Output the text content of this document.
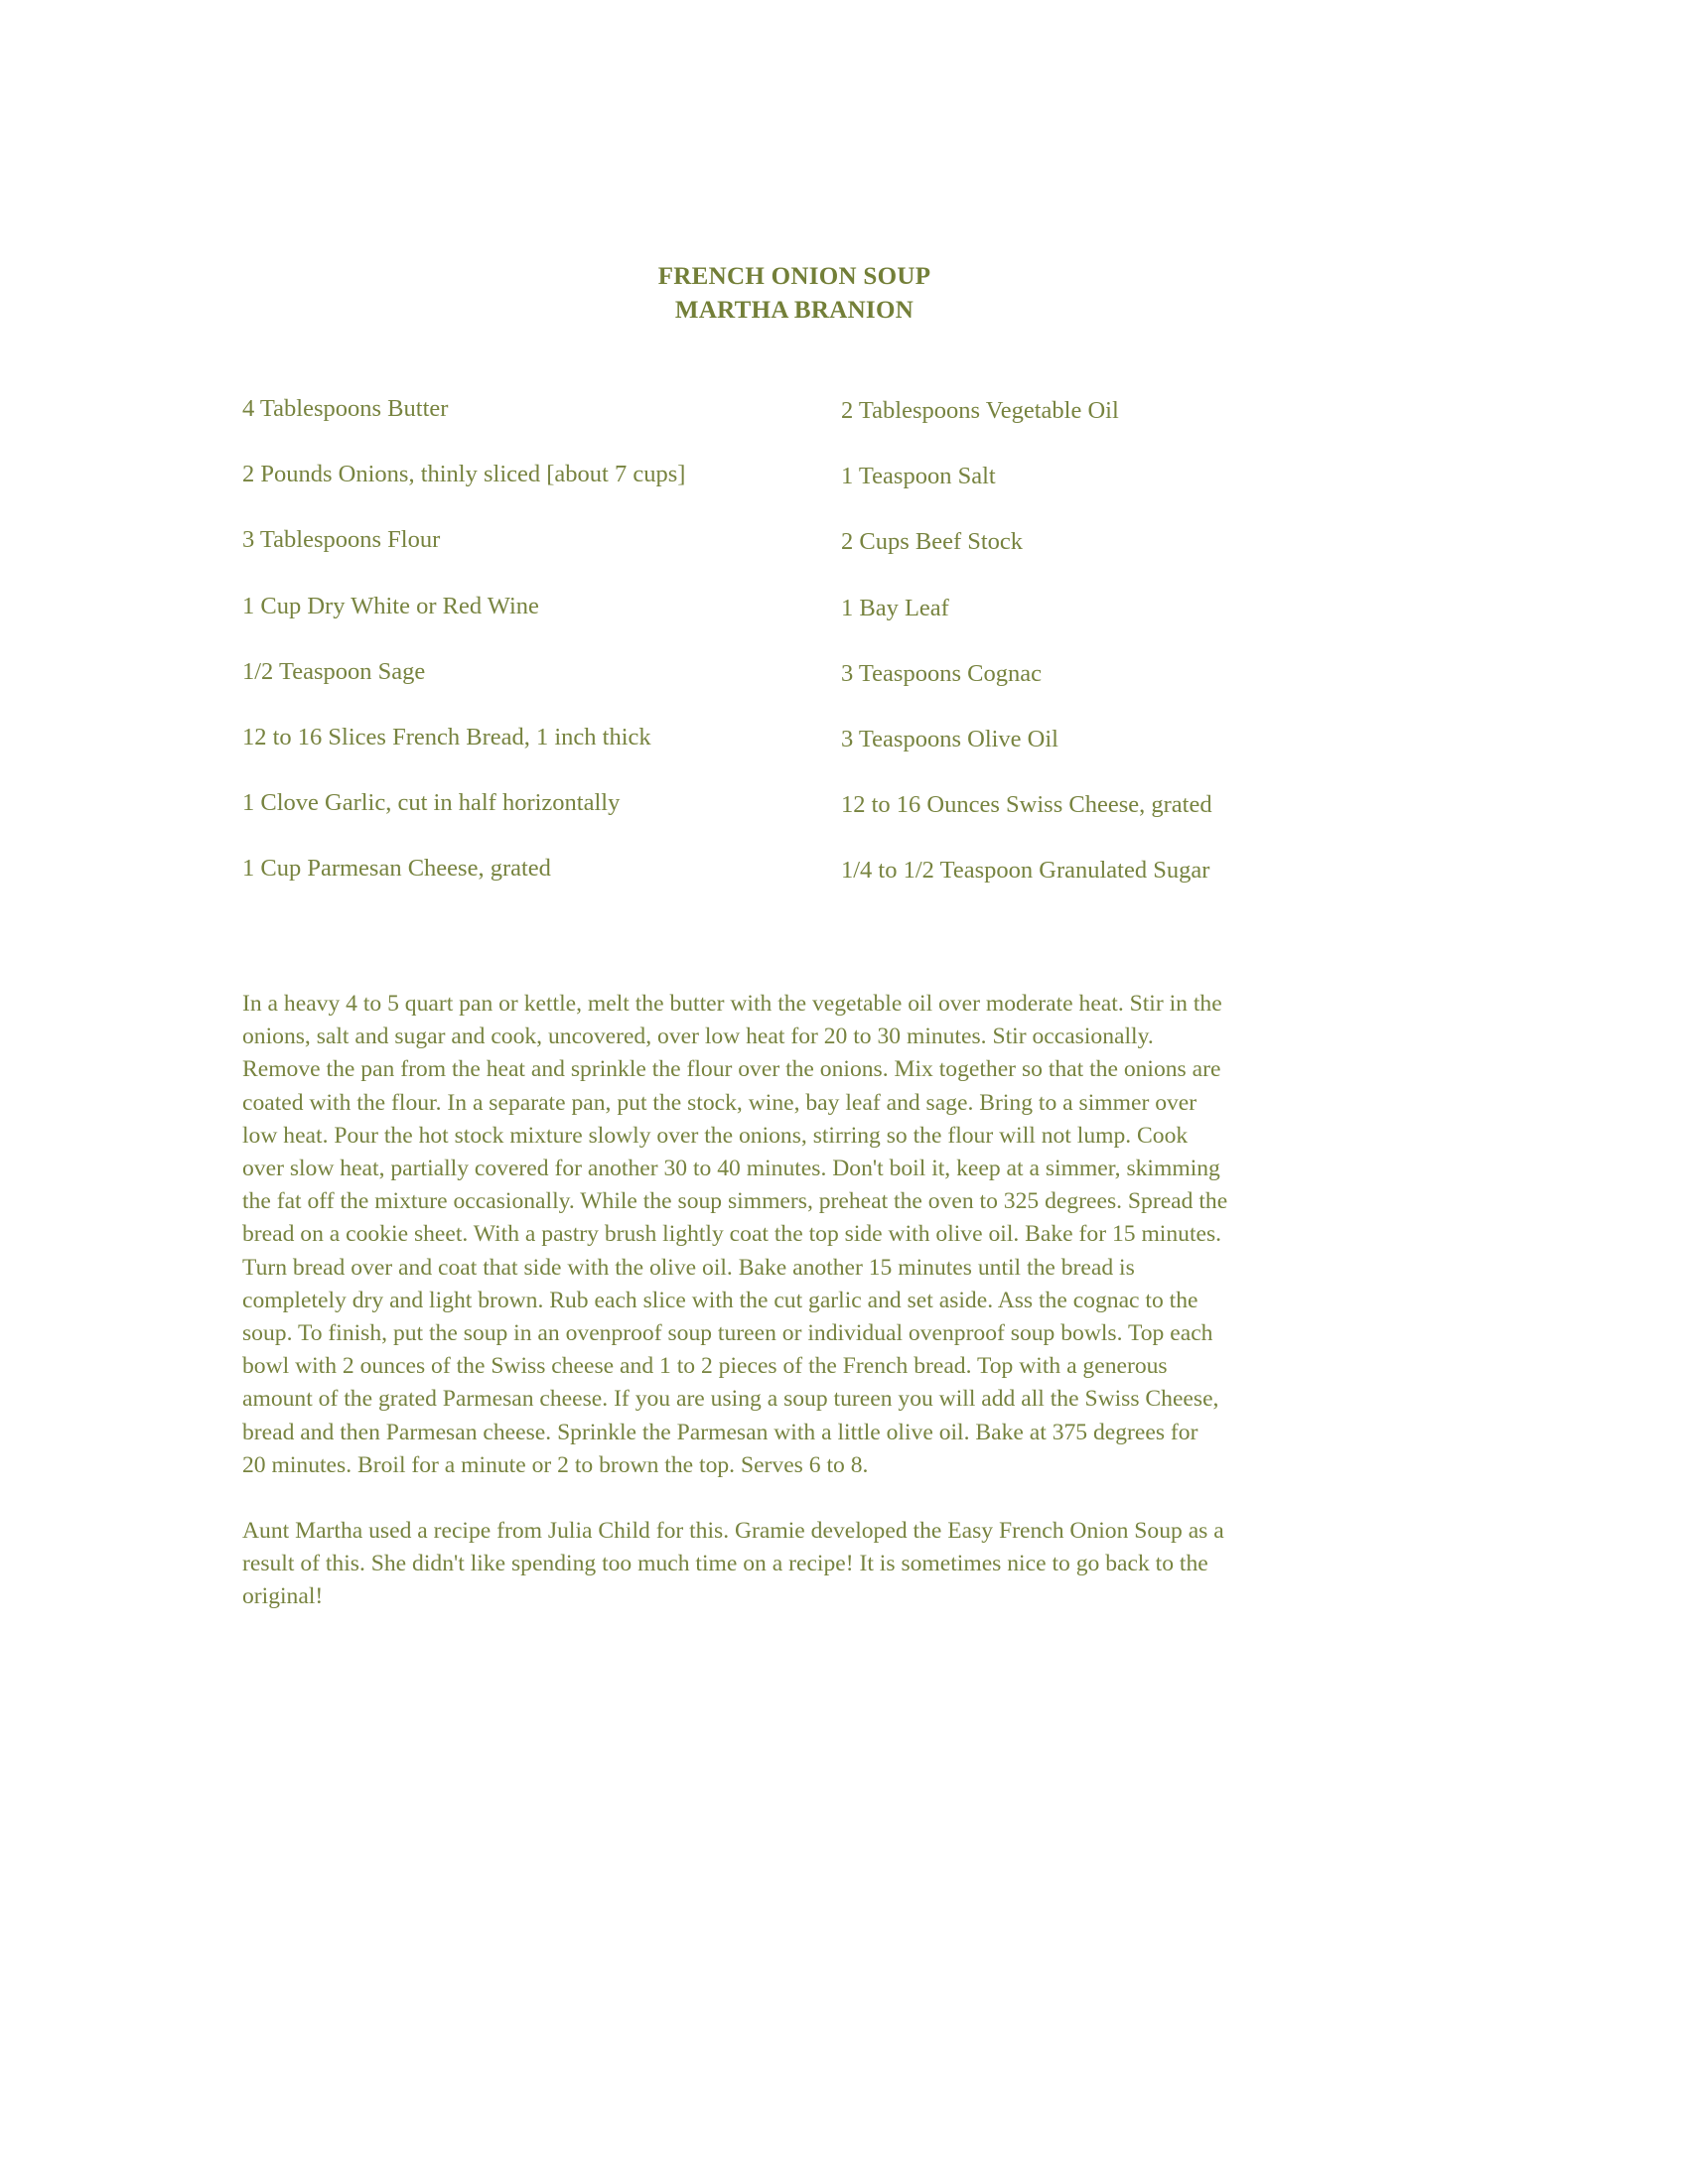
FRENCH ONION SOUP
MARTHA BRANION
4 Tablespoons Butter	2 Tablespoons Vegetable Oil
2 Pounds Onions, thinly sliced [about 7 cups]	1 Teaspoon Salt
3 Tablespoons Flour	2 Cups Beef Stock
1 Cup Dry White or Red Wine	1 Bay Leaf
1/2 Teaspoon Sage	3 Teaspoons Cognac
12 to 16 Slices French Bread, 1 inch thick	3 Teaspoons Olive Oil
1 Clove Garlic, cut in half horizontally	12 to 16 Ounces Swiss Cheese, grated
1 Cup Parmesan Cheese, grated	1/4 to 1/2 Teaspoon Granulated Sugar
In a heavy 4 to 5 quart pan or kettle, melt the butter with the vegetable oil over moderate heat. Stir in the
onions, salt and sugar and cook, uncovered, over low heat for 20 to 30 minutes. Stir occasionally.
Remove the pan from the heat and sprinkle the flour over the onions. Mix together so that the onions are
coated with the flour. In a separate pan, put the stock, wine, bay leaf and sage. Bring to a simmer over
low heat. Pour the hot stock mixture slowly over the onions, stirring so the flour will not lump. Cook
over slow heat, partially covered for another 30 to 40 minutes. Don't boil it, keep at a simmer, skimming
the fat off the mixture occasionally. While the soup simmers, preheat the oven to 325 degrees. Spread the
bread on a cookie sheet. With a pastry brush lightly coat the top side with olive oil. Bake for 15 minutes.
Turn bread over and coat that side with the olive oil. Bake another 15 minutes until the bread is
completely dry and light brown. Rub each slice with the cut garlic and set aside. Ass the cognac to the
soup. To finish, put the soup in an ovenproof soup tureen or individual ovenproof soup bowls. Top each
bowl with 2 ounces of the Swiss cheese and 1 to 2 pieces of the French bread. Top with a generous
amount of the grated Parmesan cheese. If you are using a soup tureen you will add all the Swiss Cheese,
bread and then Parmesan cheese. Sprinkle the Parmesan with a little olive oil. Bake at 375 degrees for
20 minutes. Broil for a minute or 2 to brown the top. Serves 6 to 8.
Aunt Martha used a recipe from Julia Child for this. Gramie developed the Easy French Onion Soup as a
result of this. She didn't like spending too much time on a recipe! It is sometimes nice to go back to the
original!
